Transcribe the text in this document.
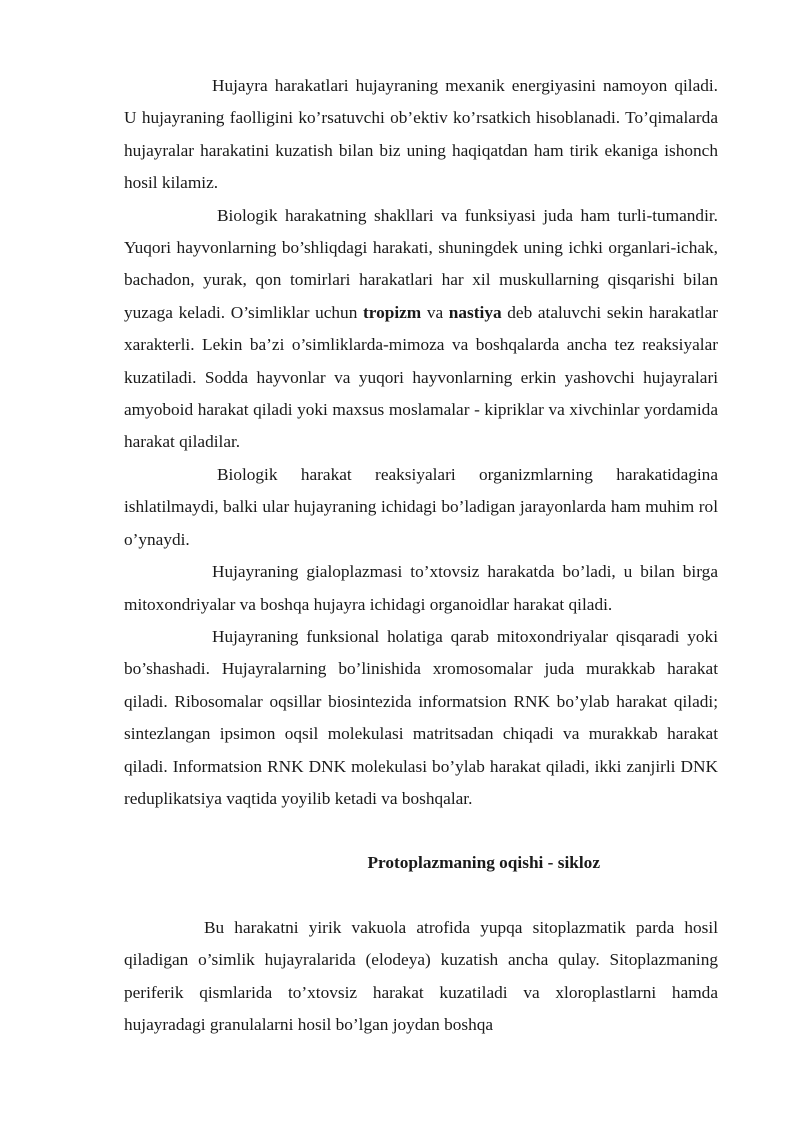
Hujayra harakatlari hujayraning mexanik energiyasini namoyon qiladi. U hujayraning faolligini ko’rsatuvchi ob’ektiv ko’rsatkich hisoblanadi. To’qimalarda hujayralar harakatini kuzatish bilan biz uning haqiqatdan ham tirik ekaniga ishonch hosil kilamiz.

Biologik harakatning shakllari va funksiyasi juda ham turli-tumandir. Yuqori hayvonlarning bo’shliqdagi harakati, shuningdek uning ichki organlari-ichak, bachadon, yurak, qon tomirlari harakatlari har xil muskullarning qisqarishi bilan yuzaga keladi. O’simliklar uchun tropizm va nastiya deb ataluvchi sekin harakatlar xarakterli. Lekin ba’zi o’simliklarda-mimoza va boshqalarda ancha tez reaksiyalar kuzatiladi. Sodda hayvonlar va yuqori hayvonlarning erkin yashovchi hujayralari amyoboid harakat qiladi yoki maxsus moslamalar - kipriklar va xivchinlar yordamida harakat qiladilar.

Biologik harakat reaksiyalari organizmlarning harakatidagina ishlatilmaydi, balki ular hujayraning ichidagi bo’ladigan jarayonlarda ham muhim rol o’ynaydi.

Hujayraning gialoplazmasi to’xtovsiz harakatda bo’ladi, u bilan birga mitoxondriyalar va boshqa hujayra ichidagi organoidlar harakat qiladi.

Hujayraning funksional holatiga qarab mitoxondriyalar qisqaradi yoki bo’shashadi. Hujayralarning bo’linishida xromosomalar juda murakkab harakat qiladi. Ribosomalar oqsillar biosintezida informatsion RNK bo’ylab harakat qiladi; sintezlangan ipsimon oqsil molekulasi matritsadan chiqadi va murakkab harakat qiladi. Informatsion RNK DNK molekulasi bo’ylab harakat qiladi, ikki zanjirli DNK reduplikatsiya vaqtida yoyilib ketadi va boshqalar.

Protoplazmaning oqishi - sikloz

Bu harakatni yirik vakuola atrofida yupqa sitoplazmatik parda hosil qiladigan o’simlik hujayralarida (elodeya) kuzatish ancha qulay. Sitoplazmaning periferik qismlarida to’xtovsiz harakat kuzatiladi va xloroplastlarni hamda hujayradagi granulalarni hosil bo’lgan joydan boshqa
